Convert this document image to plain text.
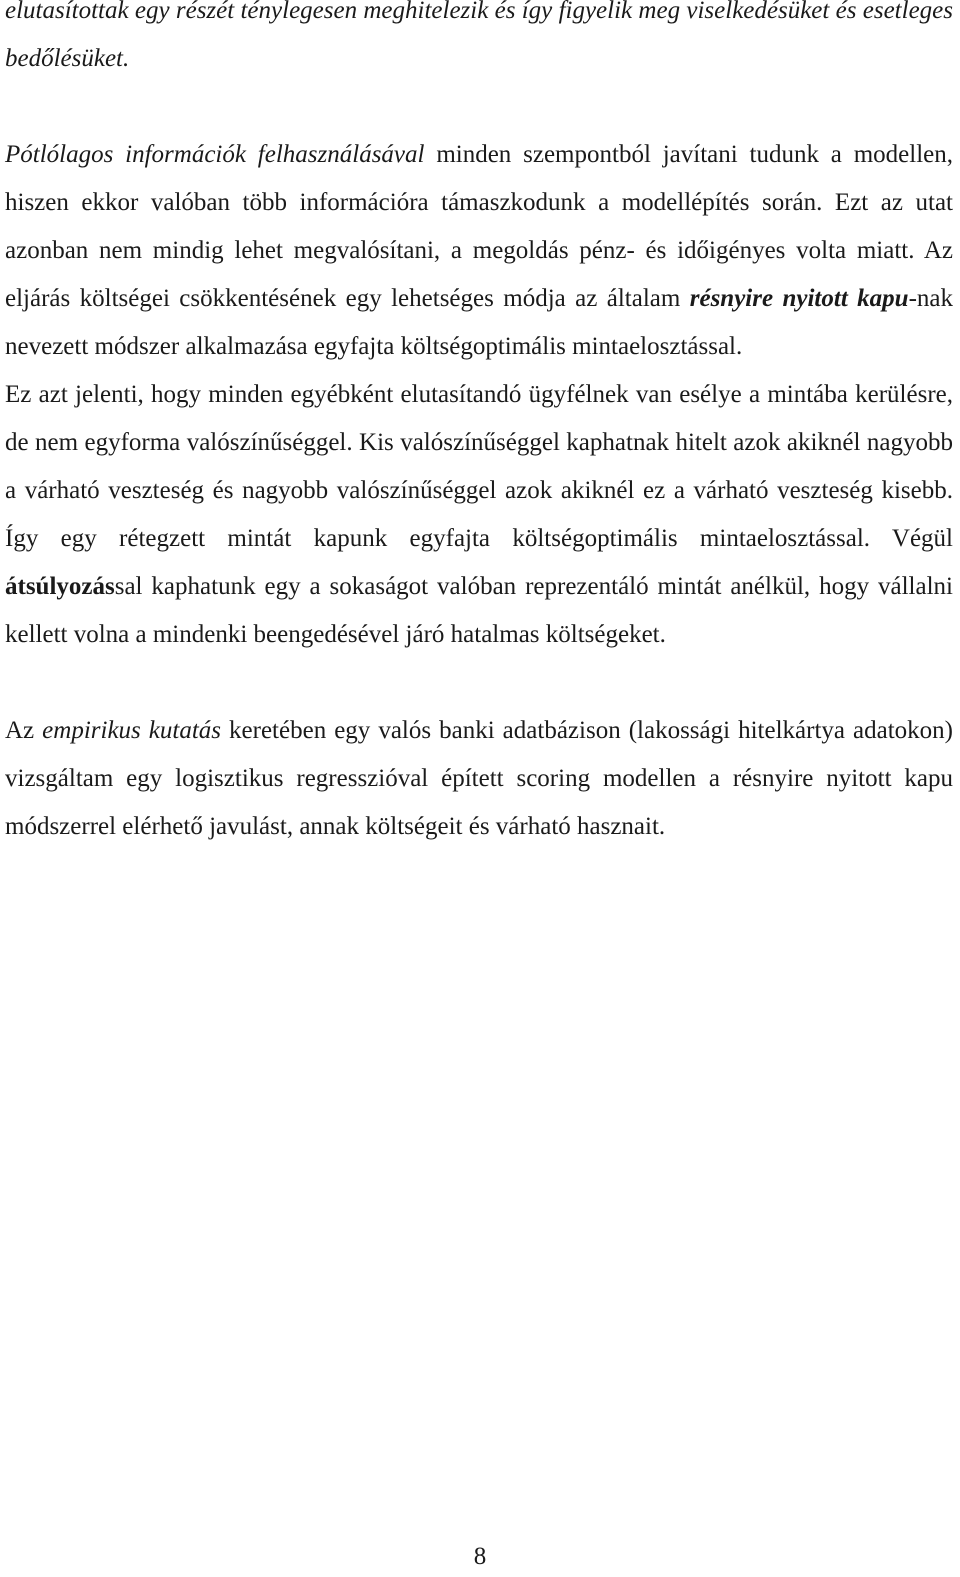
elutasítottak egy részét ténylegesen meghitelezik és így figyelik meg viselkedésüket és esetleges bedőlésüket.

Pótlólagos információk felhasználásával minden szempontból javítani tudunk a modellen, hiszen ekkor valóban több információra támaszkodunk a modellépítés során. Ezt az utat azonban nem mindig lehet megvalósítani, a megoldás pénz- és időigényes volta miatt. Az eljárás költségei csökkentésének egy lehetséges módja az általam résnyire nyitott kapu-nak nevezett módszer alkalmazása egyfajta költségoptimális mintaelosztással.

Ez azt jelenti, hogy minden egyébként elutasítandó ügyfélnek van esélye a mintába kerülésre, de nem egyforma valószínűséggel. Kis valószínűséggel kaphatnak hitelt azok akiknél nagyobb a várható veszteség és nagyobb valószínűséggel azok akiknél ez a várható veszteség kisebb. Így egy rétegzett mintát kapunk egyfajta költségoptimális mintaelosztással. Végül átsúlyozással kaphatunk egy a sokaságot valóban reprezentáló mintát anélkül, hogy vállalni kellett volna a mindenki beengedésével járó hatalmas költségeket.

Az empirikus kutatás keretében egy valós banki adatbázison (lakossági hitelkártya adatokon) vizsgáltam egy logisztikus regresszióval épített scoring modellen a résnyire nyitott kapu módszerrel elérhető javulást, annak költségeit és várható hasznait.

8
